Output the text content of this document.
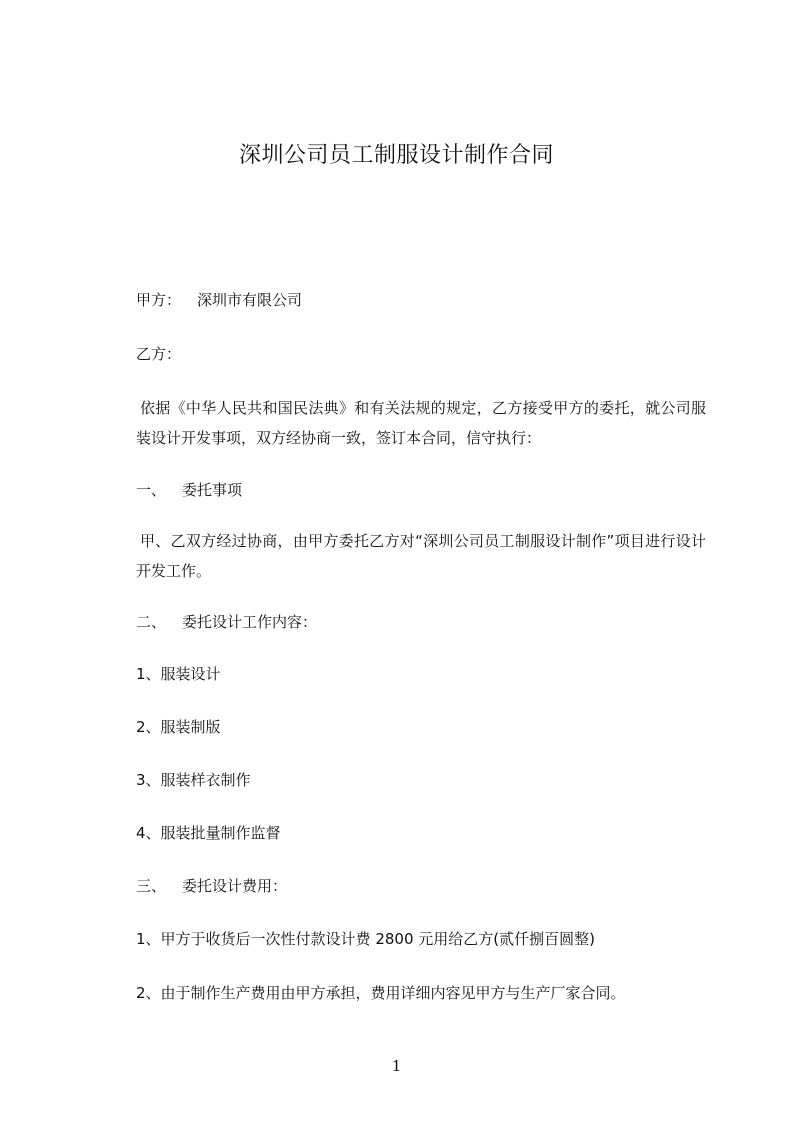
深圳公司员工制服设计制作合同
甲方： 深圳市有限公司
乙方：
依据《中华人民共和国民法典》和有关法规的规定，乙方接受甲方的委托，就公司服装设计开发事项，双方经协商一致，签订本合同，信守执行：
一、 委托事项
甲、乙双方经过协商，由甲方委托乙方对“深圳公司员工制服设计制作”项目进行设计开发工作。
二、 委托设计工作内容：
1、服装设计
2、服装制版
3、服装样衣制作
4、服装批量制作监督
三、 委托设计费用：
1、甲方于收货后一次性付款设计费 2800 元用给乙方(贰仟捌百圆整)
2、由于制作生产费用由甲方承担，费用详细内容见甲方与生产厂家合同。
1
